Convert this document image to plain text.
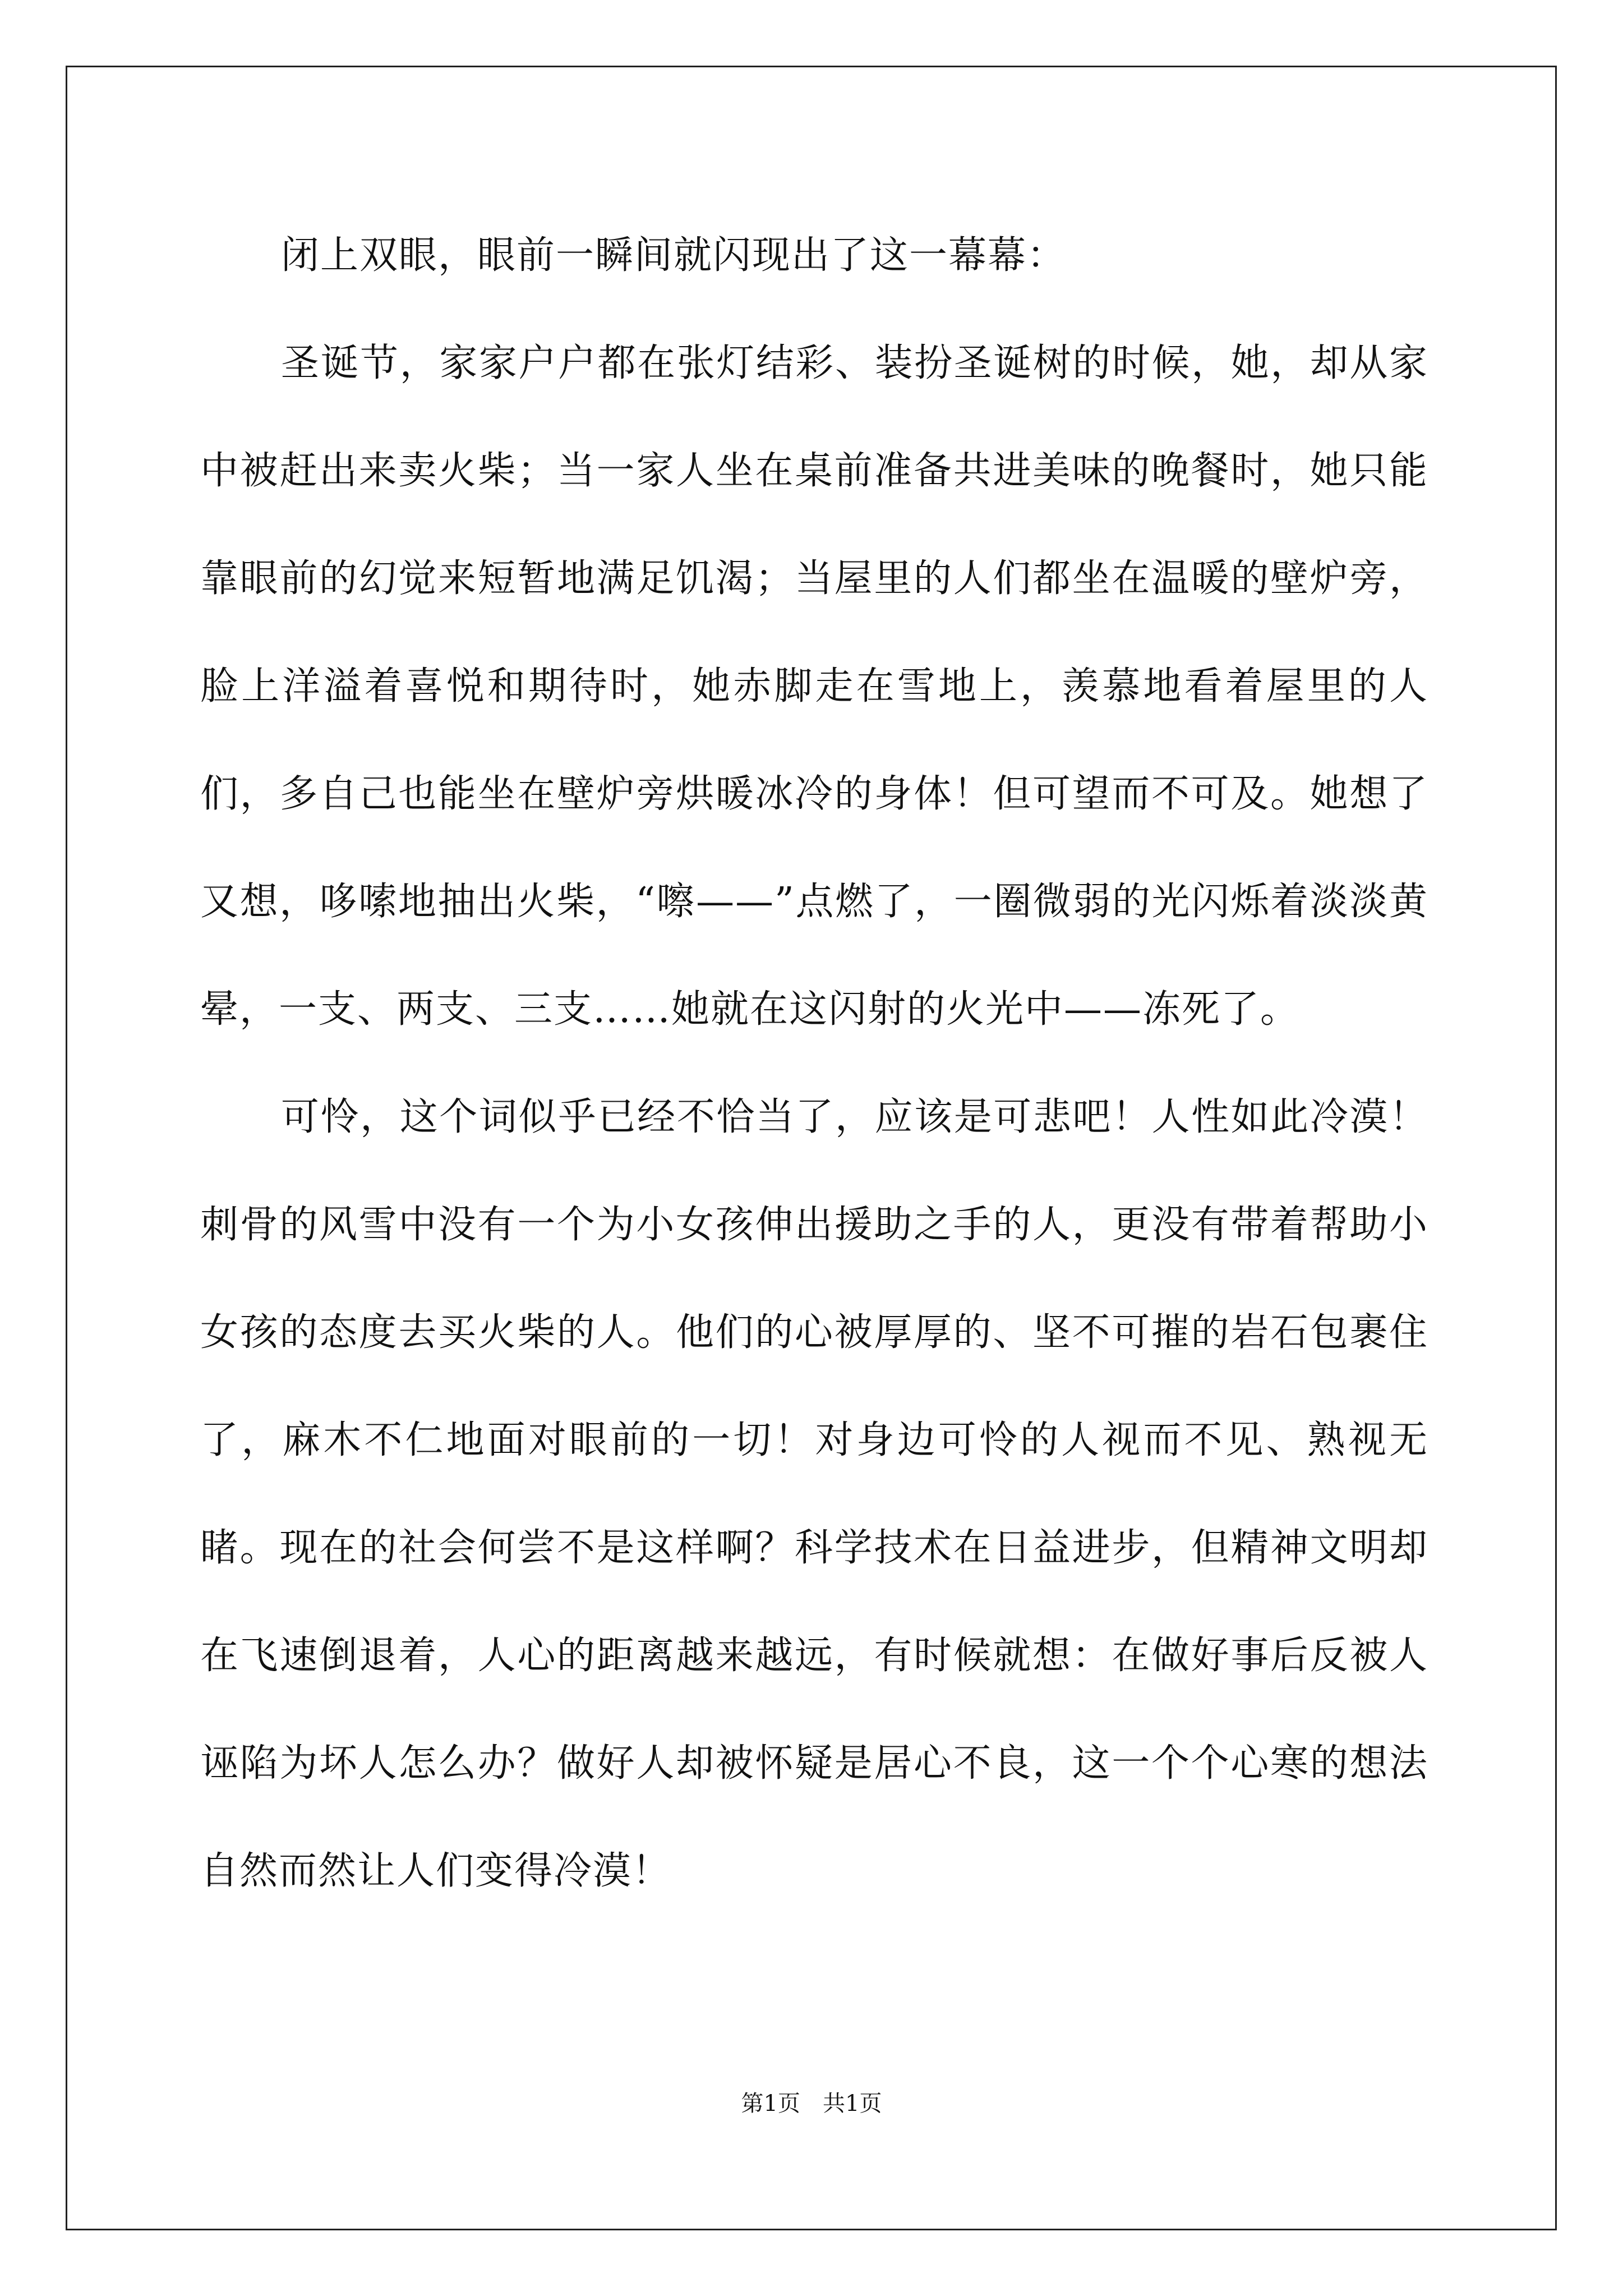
闭上双眼，眼前一瞬间就闪现出了这一幕幕：

圣诞节，家家户户都在张灯结彩、装扮圣诞树的时候，她，却从家中被赶出来卖火柴；当一家人坐在桌前准备共进美味的晚餐时，她只能靠眼前的幻觉来短暂地满足饥渴；当屋里的人们都坐在温暖的壁炉旁，脸上洋溢着喜悦和期待时，她赤脚走在雪地上，羡慕地看着屋里的人们，多自己也能坐在壁炉旁烘暖冰冷的身体！但可望而不可及。她想了又想，哆嗦地抽出火柴，“嚓——”点燃了，一圈微弱的光闪烁着淡淡黄晕，一支、两支、三支……她就在这闪射的火光中——冻死了。

可怜，这个词似乎已经不恰当了，应该是可悲吧！人性如此冷漠！刺骨的风雪中没有一个为小女孩伸出援助之手的人，更没有带着帮助小女孩的态度去买火柴的人。他们的心被厚厚的、坚不可摧的岩石包裹住了，麻木不仁地面对眼前的一切！对身边可怜的人视而不见、熟视无睹。现在的社会何尝不是这样啊？科学技术在日益进步，但精神文明却在飞速倒退着，人心的距离越来越远，有时候就想：在做好事后反被人诬陷为坏人怎么办？做好人却被怀疑是居心不良，这一个个心寒的想法自然而然让人们变得冷漠！

第1页 共1页
